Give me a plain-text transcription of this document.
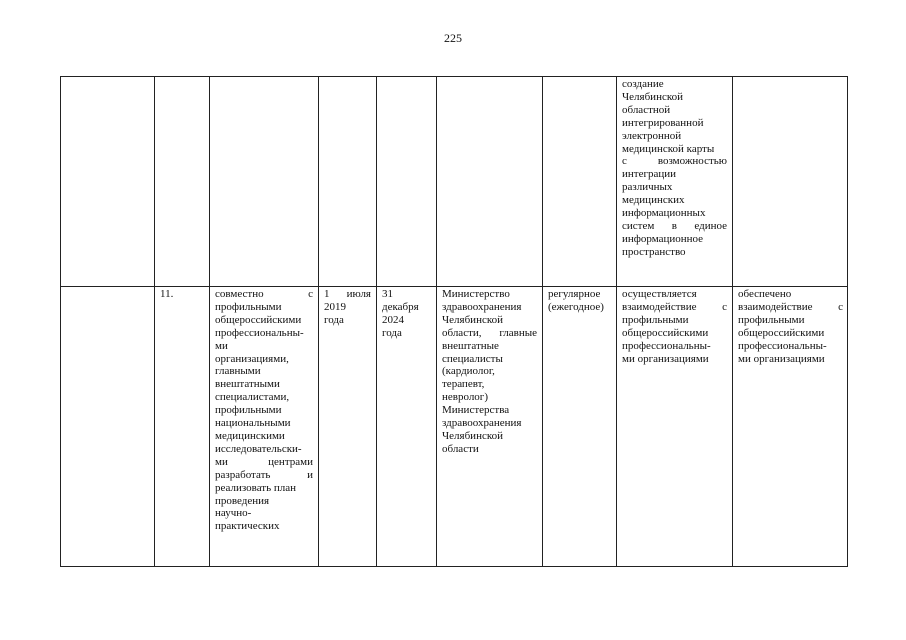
225
создание
Челябинской
областной
интегрированной
электронной
медицинской карты
с возможностью
интеграции
различных
медицинских
информационных
систем в единое
информационное
пространство
11.	совместно с
профильными
общероссийскими
профессиональны-
ми
организациями,
главными
внештатными
специалистами,
профильными
национальными
медицинскими
исследовательски-
ми центрами
разработать и
реализовать план
проведения
научно-
практических
1 июля
2019
года
31
декабря
2024
года
Министерство
здравоохранения
Челябинской
области, главные
внештатные
специалисты
(кардиолог,
терапевт,
невролог)
Министерства
здравоохранения
Челябинской
области
регулярное
(ежегодное)
осуществляется
взаимодействие с
профильными
общероссийскими
профессиональны-
ми организациями
обеспечено
взаимодействие с
профильными
общероссийскими
профессиональны-
ми организациями
